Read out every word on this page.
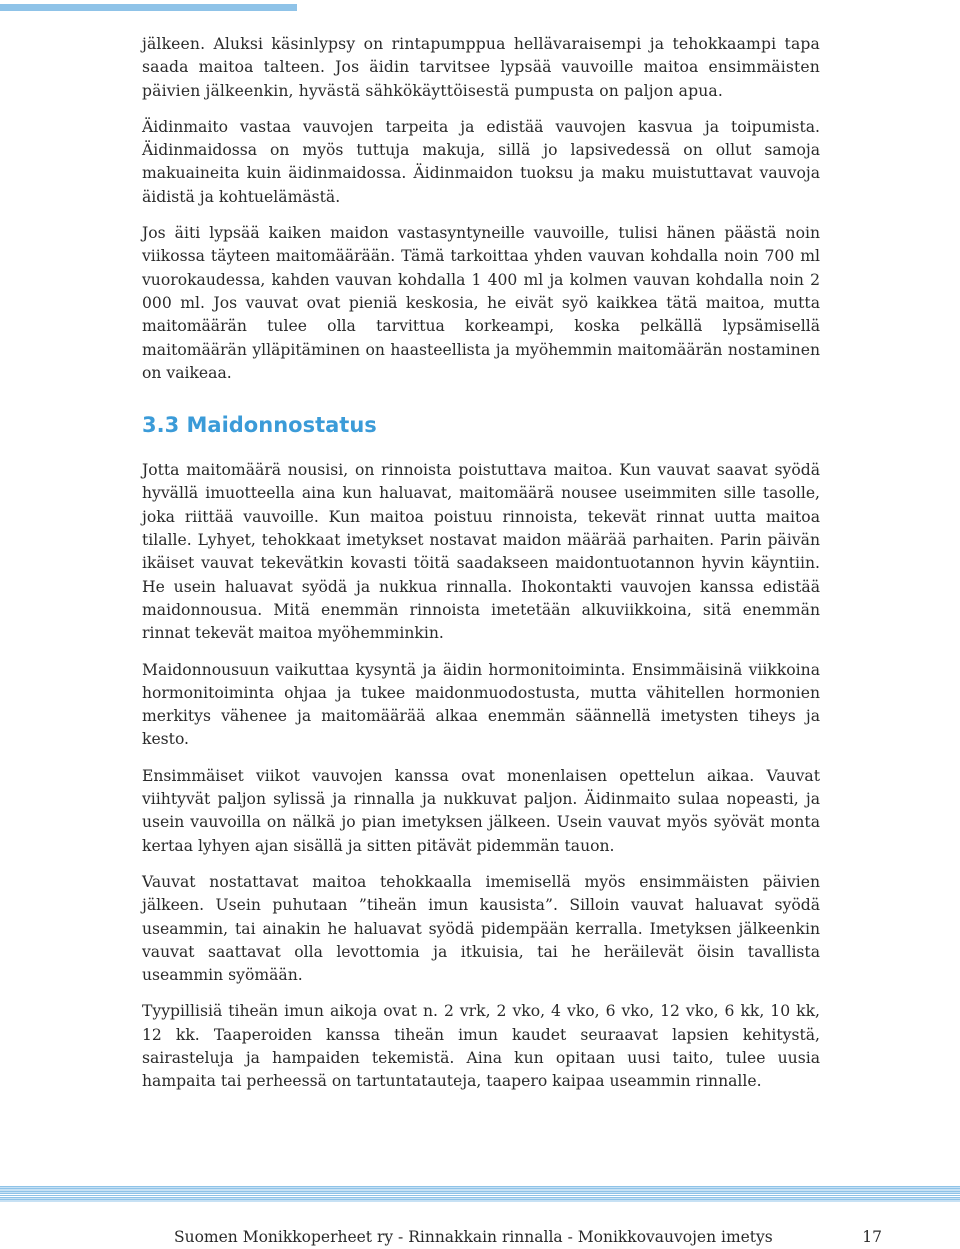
jälkeen. Aluksi käsinlypsy on rintapumppua hellävaraisempi ja tehokkaampi tapa saada maitoa talteen. Jos äidin tarvitsee lypsää vauvoille maitoa ensimmäisten päivien jälkeenkin, hyvästä sähkökäyttöisestä pumpusta on paljon apua.

Äidinmaito vastaa vauvojen tarpeita ja edistää vauvojen kasvua ja toipumista. Äidinmaidossa on myös tuttuja makuja, sillä jo lapsivedessä on ollut samoja makuaineita kuin äidinmaidossa. Äidinmaidon tuoksu ja maku muistuttavat vauvoja äidistä ja kohtuelämästä.

Jos äiti lypsää kaiken maidon vastasyntyneille vauvoille, tulisi hänen päästä noin viikossa täyteen maitomäärään. Tämä tarkoittaa yhden vauvan kohdalla noin 700 ml vuorokaudessa, kahden vauvan kohdalla 1 400 ml ja kolmen vauvan kohdalla noin 2 000 ml. Jos vauvat ovat pieniä keskosia, he eivät syö kaikkea tätä maitoa, mutta maitomäärän tulee olla tarvittua korkeampi, koska pelkällä lypsämisellä maitomäärän ylläpitäminen on haasteellista ja myöhemmin maitomäärän nostaminen on vaikeaa.

3.3 Maidonnostatus

Jotta maitomäärä nousisi, on rinnoista poistuttava maitoa. Kun vauvat saavat syödä hyvällä imuotteella aina kun haluavat, maitomäärä nousee useimmiten sille tasolle, joka riittää vauvoille. Kun maitoa poistuu rinnoista, tekevät rinnat uutta maitoa tilalle. Lyhyet, tehokkaat imetykset nostavat maidon määrää parhaiten. Parin päivän ikäiset vauvat tekevätkin kovasti töitä saadakseen maidontuotannon hyvin käyntiin. He usein haluavat syödä ja nukkua rinnalla. Ihokontakti vauvojen kanssa edistää maidonnousua. Mitä enemmän rinnoista imetetään alkuviikkoina, sitä enemmän rinnat tekevät maitoa myöhemminkin.

Maidonnousuun vaikuttaa kysyntä ja äidin hormonitoiminta. Ensimmäisinä viikkoina hormonitoiminta ohjaa ja tukee maidonmuodostusta, mutta vähitellen hormonien merkitys vähenee ja maitomäärää alkaa enemmän säännellä imetysten tiheys ja kesto.

Ensimmäiset viikot vauvojen kanssa ovat monenlaisen opettelun aikaa. Vauvat viihtyvät paljon sylissä ja rinnalla ja nukkuvat paljon. Äidinmaito sulaa nopeasti, ja usein vauvoilla on nälkä jo pian imetyksen jälkeen. Usein vauvat myös syövät monta kertaa lyhyen ajan sisällä ja sitten pitävät pidemmän tauon.

Vauvat nostattavat maitoa tehokkaalla imemisellä myös ensimmäisten päivien jälkeen. Usein puhutaan ”tiheän imun kausista”. Silloin vauvat haluavat syödä useammin, tai ainakin he haluavat syödä pidempään kerralla. Imetyksen jälkeenkin vauvat saattavat olla levottomia ja itkuisia, tai he heräilevät öisin tavallista useammin syömään.

Tyypillisiä tiheän imun aikoja ovat n. 2 vrk, 2 vko, 4 vko, 6 vko, 12 vko, 6 kk, 10 kk, 12 kk. Taaperoiden kanssa tiheän imun kaudet seuraavat lapsien kehitystä, sairasteluja ja hampaiden tekemistä. Aina kun opitaan uusi taito, tulee uusia hampaita tai perheessä on tartuntatauteja, taapero kaipaa useammin rinnalle.

Suomen Monikkoperheet ry - Rinnakkain rinnalla - Monikkovauvojen imetys	17
